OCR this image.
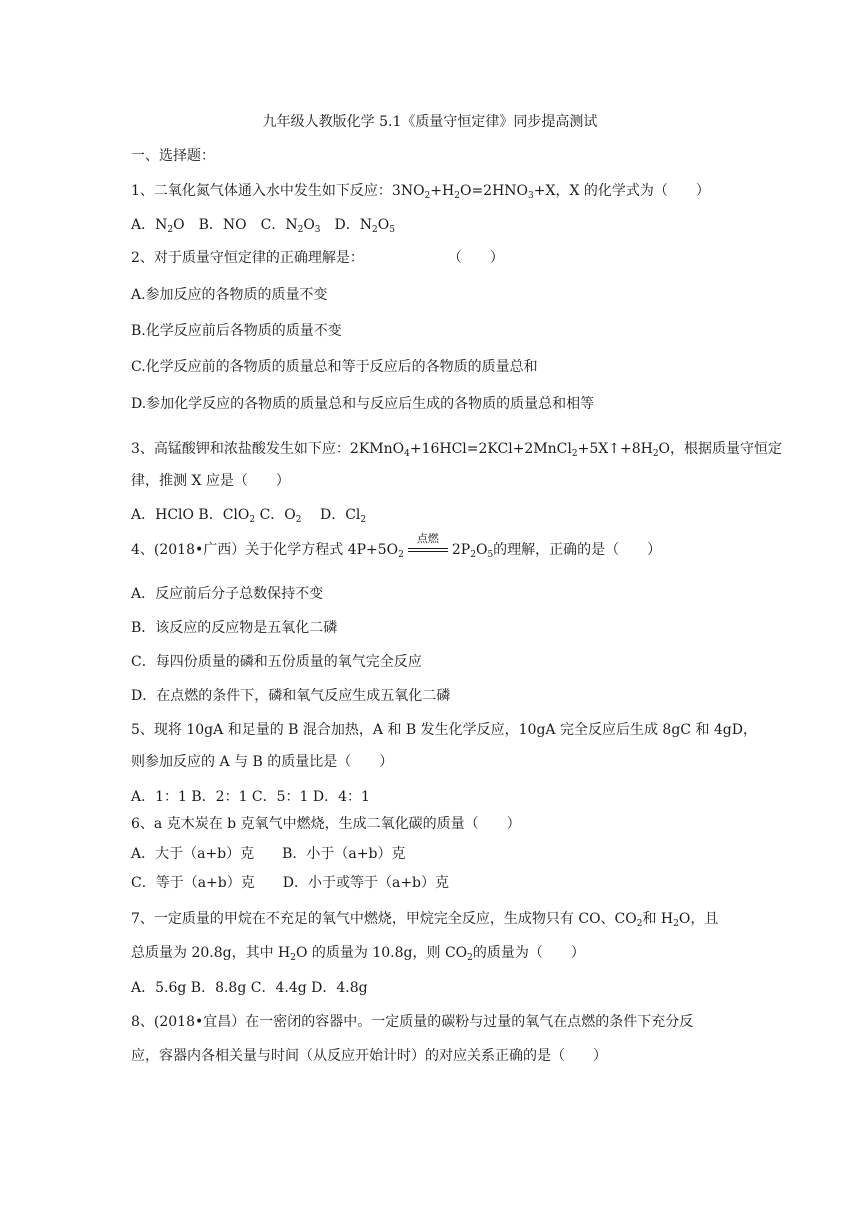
九年级人教版化学 5.1《质量守恒定律》同步提高测试
一、选择题：
1、二氧化氮气体通入水中发生如下反应：$3NO_2+H_2O=2HNO_3+X$，X 的化学式为（　　）
A．$N_2O$　B．NO　C．$N_2O_3$　D．$N_2O_5$
2、对于质量守恒定律的正确理解是：　　　　　　　（　　）
A.参加反应的各物质的质量不变
B.化学反应前后各物质的质量不变
C.化学反应前的各物质的质量总和等于反应后的各物质的质量总和
D.参加化学反应的各物质的质量总和与反应后生成的各物质的质量总和相等
3、高锰酸钾和浓盐酸发生如下应：$2KMnO_4+16HCl=2KCl+2MnCl_2+5X↑+8H_2O$，根据质量守恒定
律，推测 X 应是（　　）
A．HClO B．ClO$_2$ C．$O_2$　 D．$Cl_2$
4、(2018•广西）关于化学方程式 $4P+5O_2$
点燃
$2P_2O_5$的理解，正确的是（　　）
A．反应前后分子总数保持不变
B．该反应的反应物是五氧化二磷
C．每四份质量的磷和五份质量的氧气完全反应
D．在点燃的条件下，磷和氧气反应生成五氧化二磷
5、现将 10gA 和足量的 B 混合加热，A 和 B 发生化学反应，10gA 完全反应后生成 8gC 和 4gD，
则参加反应的 A 与 B 的质量比是（　　）
A．1：1 B．2：1 C．5：1 D．4：1
6、a 克木炭在 b 克氧气中燃烧，生成二氧化碳的质量（　　）
A．大于（a+b）克　　B．小于（a+b）克
C．等于（a+b）克　　D．小于或等于（a+b）克
7、一定质量的甲烷在不充足的氧气中燃烧，甲烷完全反应，生成物只有 CO、$CO_2$和 $H_2O$，且
总质量为 20.8g，其中 $H_2O$ 的质量为 10.8g，则 $CO_2$的质量为（　　）
A．5.6g B．8.8g C．4.4g D．4.8g
8、(2018•宜昌）在一密闭的容器中。一定质量的碳粉与过量的氧气在点燃的条件下充分反
应，容器内各相关量与时间（从反应开始计时）的对应关系正确的是（　　）
